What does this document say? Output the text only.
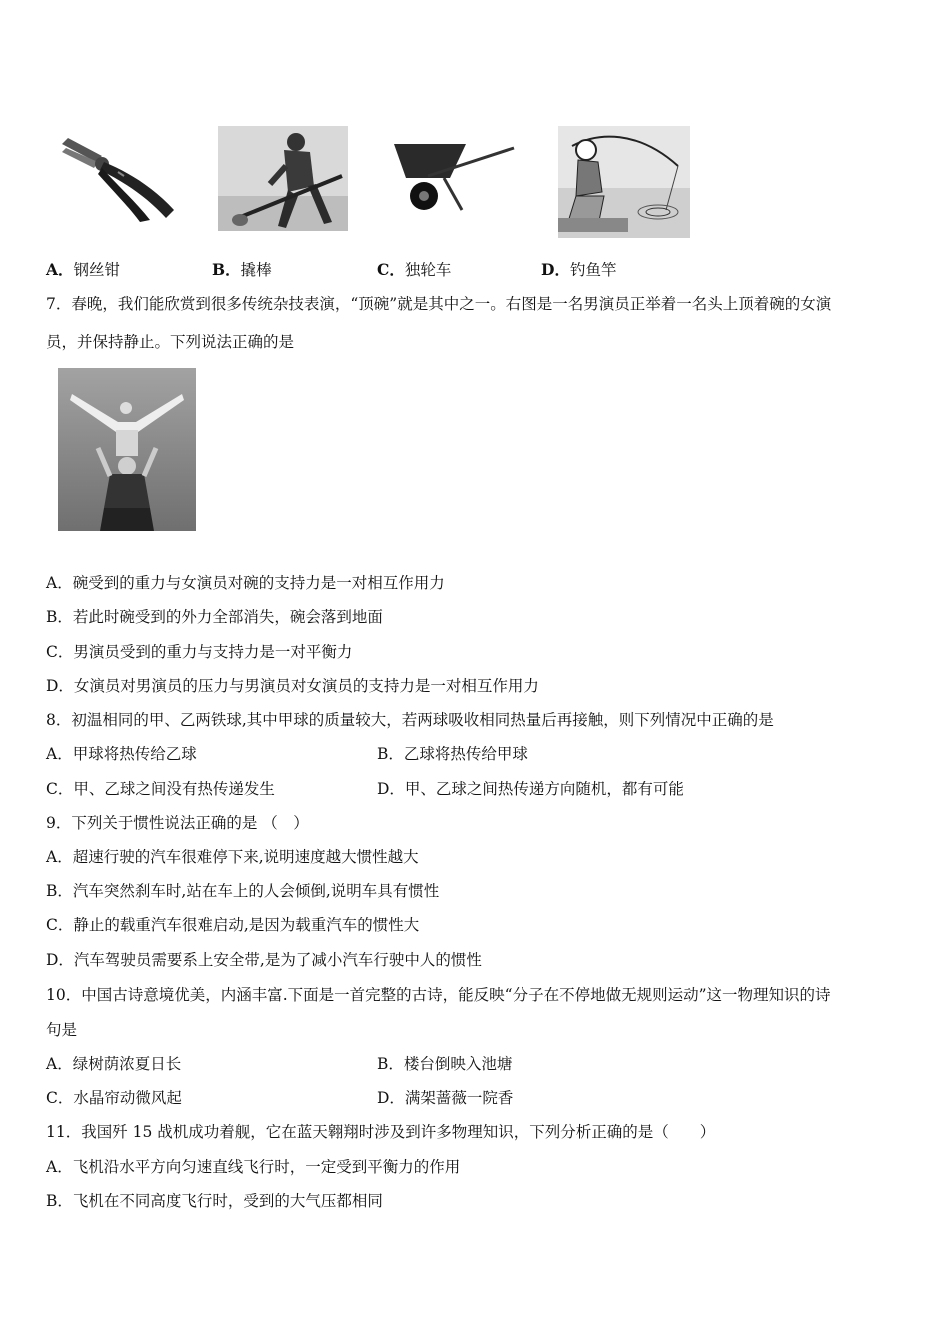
A．钢丝钳	B．撬棒	C．独轮车	D．钓鱼竿
7．春晚，我们能欣赏到很多传统杂技表演，“顶碗”就是其中之一。右图是一名男演员正举着一名头上顶着碗的女演
员，并保持静止。下列说法正确的是
A．碗受到的重力与女演员对碗的支持力是一对相互作用力
B．若此时碗受到的外力全部消失，碗会落到地面
C．男演员受到的重力与支持力是一对平衡力
D．女演员对男演员的压力与男演员对女演员的支持力是一对相互作用力
8．初温相同的甲、乙两铁球,其中甲球的质量较大，若两球吸收相同热量后再接触，则下列情况中正确的是
A．甲球将热传给乙球	B．乙球将热传给甲球
C．甲、乙球之间没有热传递发生	D．甲、乙球之间热传递方向随机，都有可能
9．下列关于惯性说法正确的是 （　）
A．超速行驶的汽车很难停下来,说明速度越大惯性越大
B．汽车突然刹车时,站在车上的人会倾倒,说明车具有惯性
C．静止的载重汽车很难启动,是因为载重汽车的惯性大
D．汽车驾驶员需要系上安全带,是为了减小汽车行驶中人的惯性
10．中国古诗意境优美，内涵丰富.下面是一首完整的古诗，能反映“分子在不停地做无规则运动”这一物理知识的诗
句是
A．绿树荫浓夏日长	B．楼台倒映入池塘
C．水晶帘动微风起	D．满架蔷薇一院香
11．我国歼 15 战机成功着舰，它在蓝天翱翔时涉及到许多物理知识，下列分析正确的是（　　）
A．飞机沿水平方向匀速直线飞行时，一定受到平衡力的作用
B．飞机在不同高度飞行时，受到的大气压都相同
